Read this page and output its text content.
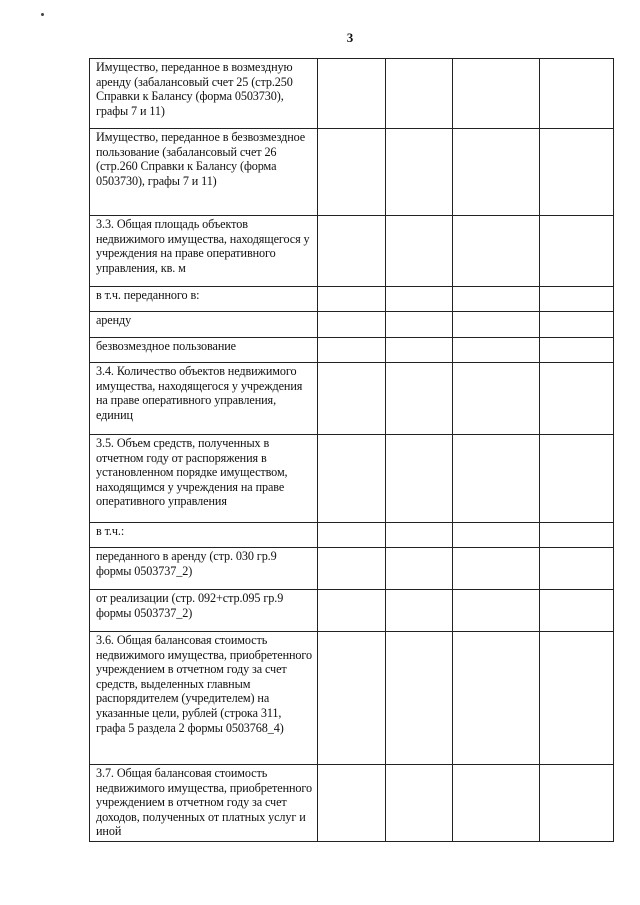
3
Имущество, переданное в возмездную аренду (забалансовый счет 25 (стр.250 Справки к Балансу (форма 0503730), графы 7 и 11)				
Имущество, переданное в безвозмездное пользование (забалансовый счет 26 (стр.260 Справки к Балансу (форма 0503730), графы 7 и 11)				
3.3. Общая площадь объектов недвижимого имущества, находящегося у учреждения на праве оперативного управления, кв. м				
в т.ч. переданного в:				
аренду				
безвозмездное пользование				
3.4. Количество объектов недвижимого имущества, находящегося у учреждения на праве оперативного управления, единиц				
3.5. Объем средств, полученных в отчетном году от распоряжения в установленном порядке имуществом, находящимся у учреждения на праве оперативного управления				
в т.ч.:				
переданного в аренду (стр. 030 гр.9 формы 0503737_2)				
от реализации (стр. 092+стр.095 гр.9 формы 0503737_2)				
3.6. Общая балансовая стоимость недвижимого имущества, приобретенного учреждением в отчетном году за счет средств, выделенных главным распорядителем (учредителем) на указанные цели, рублей (строка 311, графа 5 раздела 2 формы 0503768_4)				
3.7. Общая балансовая стоимость недвижимого имущества, приобретенного учреждением в отчетном году за счет доходов, полученных от платных услуг и иной				
